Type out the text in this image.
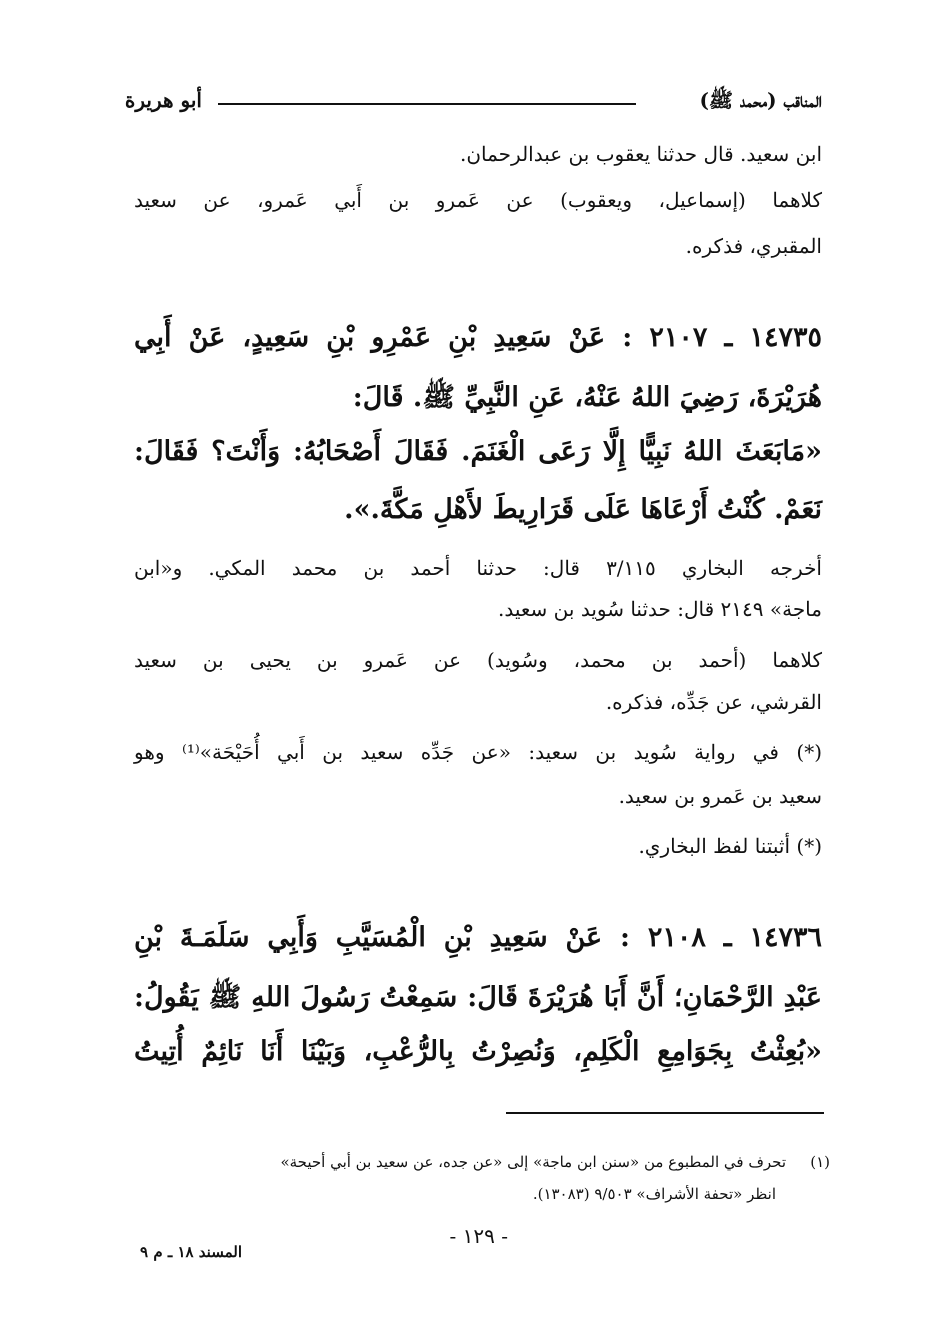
المناقب (محمد ﷺ)
أبو هريرة
ابن سعيد. قال حدثنا يعقوب بن عبدالرحمان.
كلاهما (إسماعيل، ويعقوب) عن عَمرو بن أَبي عَمرو، عن سعيد
المقبري، فذكره.
١٤٧٣٥ ـ ٢١٠٧ : عَنْ سَعِيدِ بْنِ عَمْرِو بْنِ سَعِيدٍ، عَنْ أَبِي
هُرَيْرَةَ، رَضِيَ اللهُ عَنْهُ، عَنِ النَّبِيِّ ﷺ. قَالَ:
«مَابَعَثَ اللهُ نَبِيًّا إِلَّا رَعَى الْغَنَمَ. فَقَالَ أَصْحَابُهُ: وَأَنْتَ؟ فَقَالَ:
نَعَمْ. كُنْتُ أَرْعَاهَا عَلَى قَرَارِيطَ لأَهْلِ مَكَّةَ.».
أخرجه البخاري ٣/١١٥ قال: حدثنا أحمد بن محمد المكي. و«ابن
ماجة» ٢١٤٩ قال: حدثنا سُويد بن سعيد.
كلاهما (أحمد بن محمد، وسُويد) عن عَمرو بن يحيى بن سعيد
القرشي، عن جَدِّه، فذكره.
(*) في رواية سُويد بن سعيد: «عن جَدِّه سعيد بن أَبي أُحَيْحَة»⁽¹⁾ وهو
سعيد بن عَمرو بن سعيد.
(*) أثبتنا لفظ البخاري.
١٤٧٣٦ ـ ٢١٠٨ : عَنْ سَعِيدِ بْنِ الْمُسَيَّبِ وَأَبِي سَلَمَـةَ بْنِ
عَبْدِ الرَّحْمَانِ؛ أَنَّ أَبَا هُرَيْرَةَ قَالَ: سَمِعْتُ رَسُولَ اللهِ ﷺ يَقُولُ:
«بُعِثْتُ بِجَوَامِعِ الْكَلِمِ، وَنُصِرْتُ بِالرُّعْبِ، وَبَيْنَا أَنَا نَائِمٌ أُتِيتُ
(١)
تحرف في المطبوع من «سنن ابن ماجة» إلى «عن جده، عن سعيد بن أبي أحيحة»
انظر «تحفة الأشراف» ٩/٥٠٣ (١٣٠٨٣).
- ١٢٩ -
المسند ١٨ ـ م ٩
